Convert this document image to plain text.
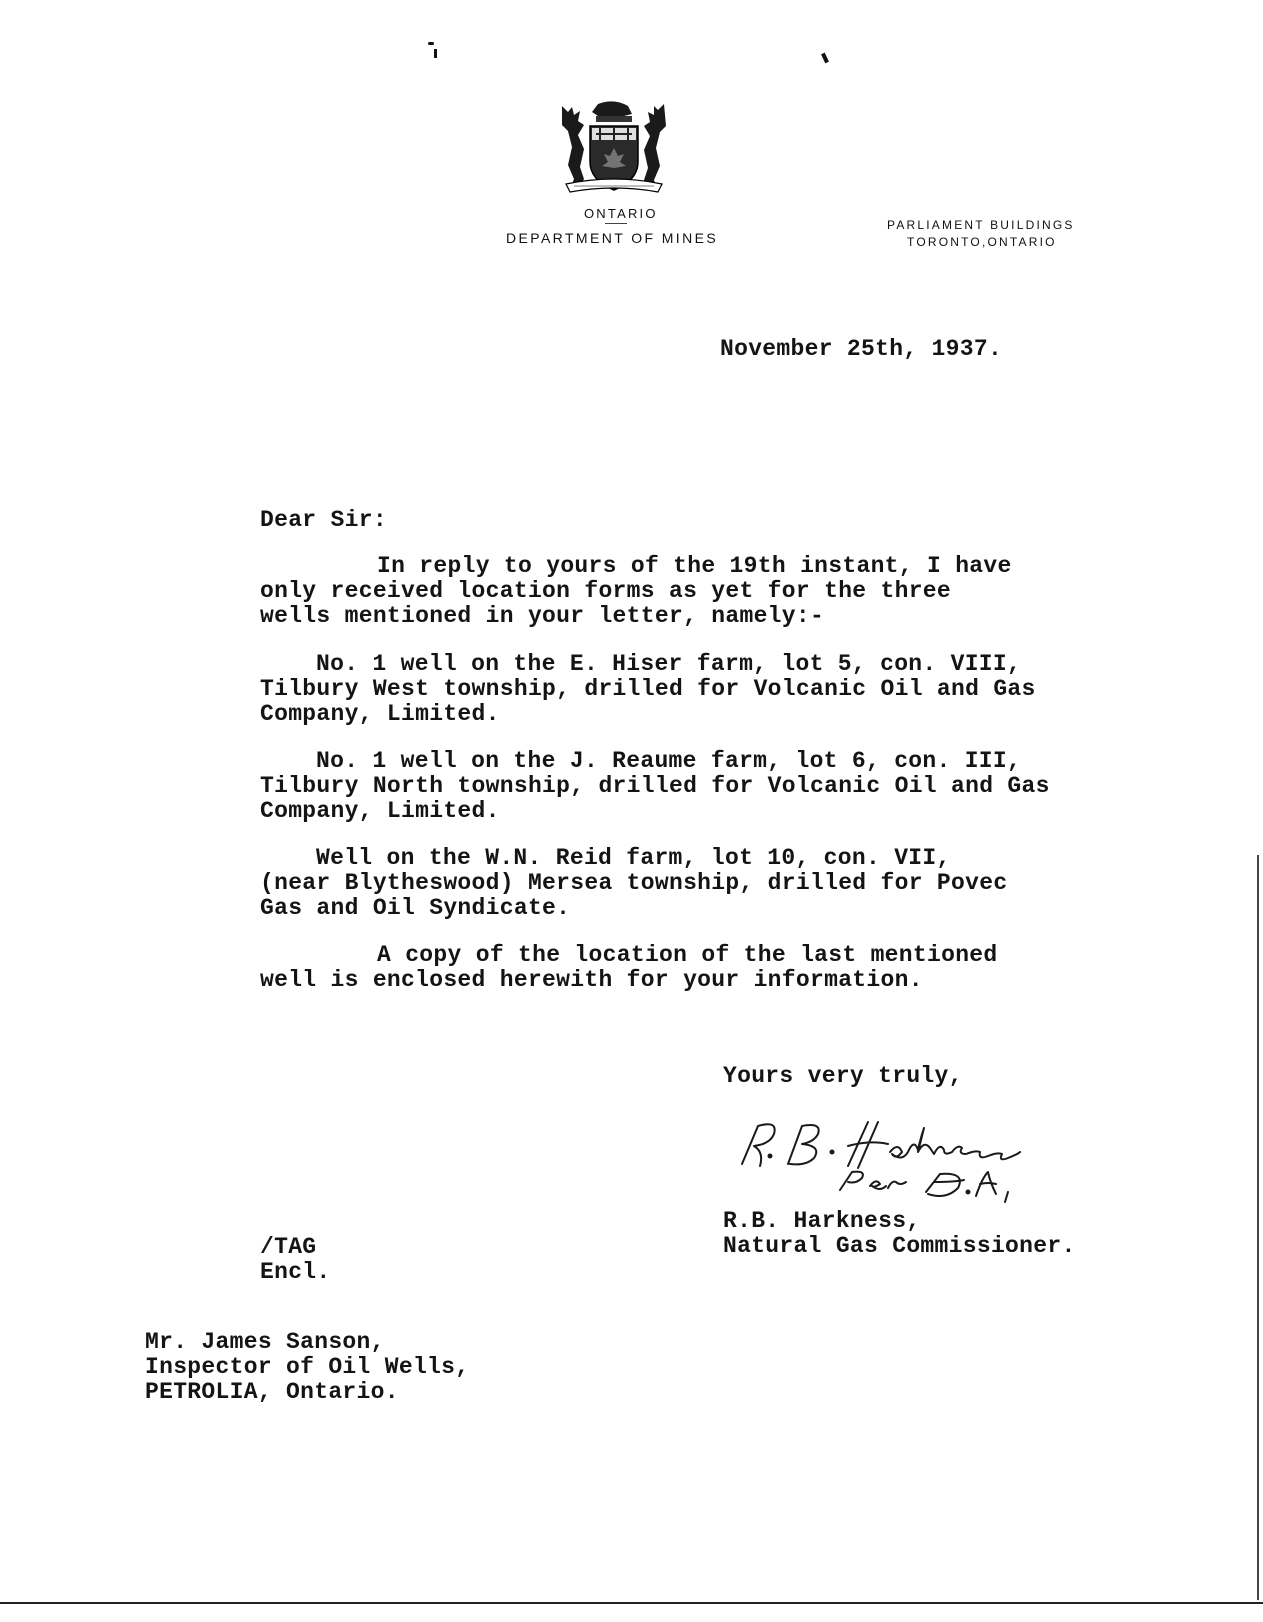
ONTARIO
DEPARTMENT OF MINES
PARLIAMENT BUILDINGS
TORONTO,ONTARIO
November 25th, 1937.
Dear Sir:
In reply to yours of the 19th instant, I have
only received location forms as yet for the three
wells mentioned in your letter, namely:-
No. 1 well on the E. Hiser farm, lot 5, con. VIII,
Tilbury West township, drilled for Volcanic Oil and Gas
Company, Limited.
No. 1 well on the J. Reaume farm, lot 6, con. III,
Tilbury North township, drilled for Volcanic Oil and Gas
Company, Limited.
Well on the W.N. Reid farm, lot 10, con. VII,
(near Blytheswood) Mersea township, drilled for Povec
Gas and Oil Syndicate.
A copy of the location of the last mentioned
well is enclosed herewith for your information.
Yours very truly,
R.B. Harkness,
Natural Gas Commissioner.
/TAG
Encl.
Mr. James Sanson,
Inspector of Oil Wells,
PETROLIA, Ontario.
